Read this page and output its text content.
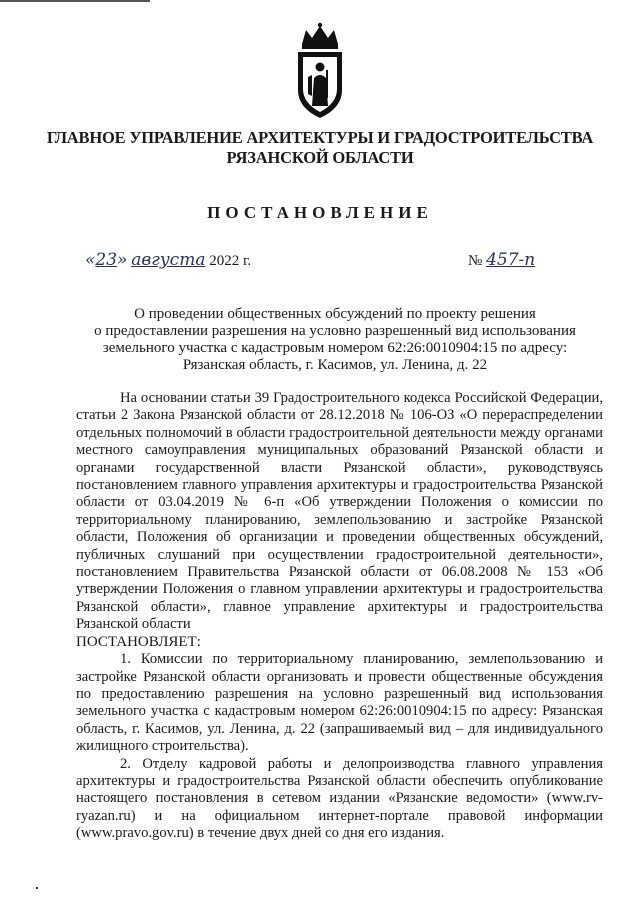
ГЛАВНОЕ УПРАВЛЕНИЕ АРХИТЕКТУРЫ И ГРАДОСТРОИТЕЛЬСТВА
РЯЗАНСКОЙ ОБЛАСТИ
ПОСТАНОВЛЕНИЕ
«23» августа 2022 г.	№ 457-п
О проведении общественных обсуждений по проекту решения
о предоставлении разрешения на условно разрешенный вид использования
земельного участка с кадастровым номером 62:26:0010904:15 по адресу:
Рязанская область, г. Касимов, ул. Ленина, д. 22

На основании статьи 39 Градостроительного кодекса Российской Федерации, статьи 2 Закона Рязанской области от 28.12.2018 № 106-ОЗ «О перераспределении отдельных полномочий в области градостроительной деятельности между органами местного самоуправления муниципальных образований Рязанской области и органами государственной власти Рязанской области», руководствуясь постановлением главного управления архитектуры и градостроительства Рязанской области от 03.04.2019 № 6-п «Об утверждении Положения о комиссии по территориальному планированию, землепользованию и застройке Рязанской области, Положения об организации и проведении общественных обсуждений, публичных слушаний при осуществлении градостроительной деятельности», постановлением Правительства Рязанской области от 06.08.2008 № 153 «Об утверждении Положения о главном управлении архитектуры и градостроительства Рязанской области», главное управление архитектуры и градостроительства Рязанской области

ПОСТАНОВЛЯЕТ:

1. Комиссии по территориальному планированию, землепользованию и застройке Рязанской области организовать и провести общественные обсуждения по предоставлению разрешения на условно разрешенный вид использования земельного участка с кадастровым номером 62:26:0010904:15 по адресу: Рязанская область, г. Касимов, ул. Ленина, д. 22 (запрашиваемый вид – для индивидуального жилищного строительства).

2. Отделу кадровой работы и делопроизводства главного управления архитектуры и градостроительства Рязанской области обеспечить опубликование настоящего постановления в сетевом издании «Рязанские ведомости» (www.rv-ryazan.ru) и на официальном интернет-портале правовой информации (www.pravo.gov.ru) в течение двух дней со дня его издания.
